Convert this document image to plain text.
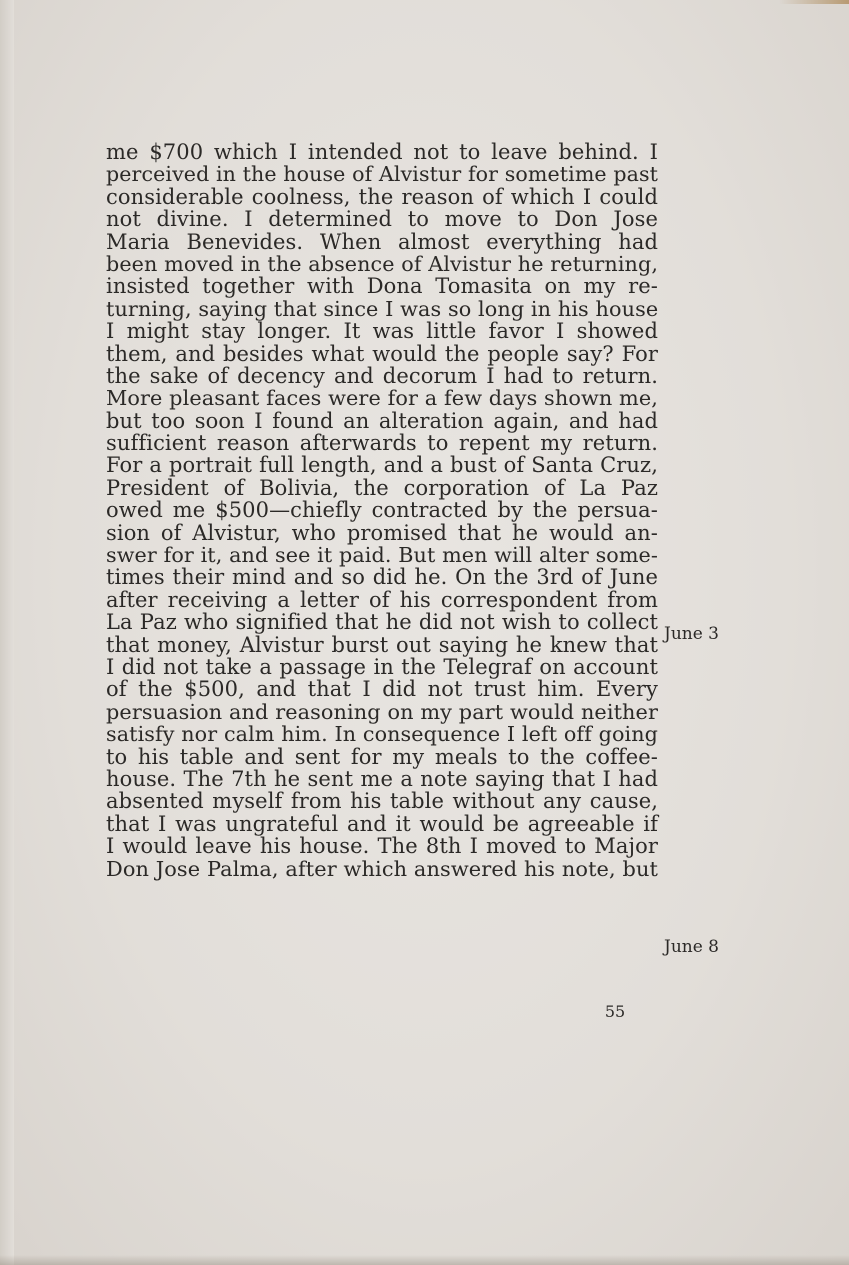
me $700 which I intended not to leave behind. I
perceived in the house of Alvistur for sometime past
considerable coolness, the reason of which I could
not divine. I determined to move to Don Jose
Maria Benevides. When almost everything had
been moved in the absence of Alvistur he returning,
insisted together with Dona Tomasita on my re-
turning, saying that since I was so long in his house
I might stay longer. It was little favor I showed
them, and besides what would the people say? For
the sake of decency and decorum I had to return.
More pleasant faces were for a few days shown me,
but too soon I found an alteration again, and had
sufficient reason afterwards to repent my return.
For a portrait full length, and a bust of Santa Cruz,
President of Bolivia, the corporation of La Paz
owed me $500—chiefly contracted by the persua-
sion of Alvistur, who promised that he would an-
swer for it, and see it paid. But men will alter some-
times their mind and so did he. On the 3rd of June
after receiving a letter of his correspondent from
La Paz who signified that he did not wish to collect
that money, Alvistur burst out saying he knew that
I did not take a passage in the Telegraf on account
of the $500, and that I did not trust him. Every
persuasion and reasoning on my part would neither
satisfy nor calm him. In consequence I left off going
to his table and sent for my meals to the coffee-
house. The 7th he sent me a note saying that I had
absented myself from his table without any cause,
that I was ungrateful and it would be agreeable if
I would leave his house. The 8th I moved to Major
Don Jose Palma, after which answered his note, but
June 3
June 8
55
